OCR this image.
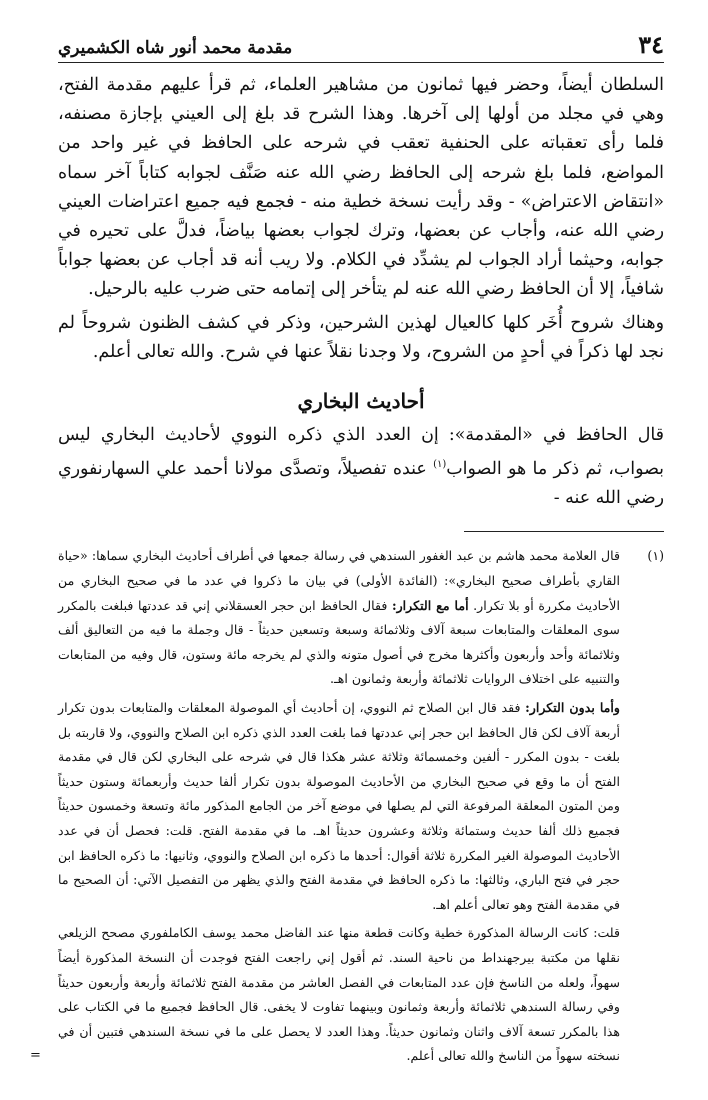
٣٤
مقدمة محمد أنور شاه الكشميري

السلطان أيضاً، وحضر فيها ثمانون من مشاهير العلماء، ثم قرأ عليهم مقدمة الفتح، وهي في مجلد من أولها إلى آخرها. وهذا الشرح قد بلغ إلى العيني بإجازة مصنفه، فلما رأى تعقباته على الحنفية تعقب في شرحه على الحافظ في غير واحد من المواضع، فلما بلغ شرحه إلى الحافظ رضي الله عنه صَنَّف لجوابه كتاباً آخر سماه «انتقاض الاعتراض» - وقد رأيت نسخة خطية منه - فجمع فيه جميع اعتراضات العيني رضي الله عنه، وأجاب عن بعضها، وترك لجواب بعضها بياضاً، فدلَّ على تحيره في جوابه، وحيثما أراد الجواب لم يشدِّد في الكلام. ولا ريب أنه قد أجاب عن بعضها جواباً شافياً، إلا أن الحافظ رضي الله عنه لم يتأخر إلى إتمامه حتى ضرب عليه بالرحيل.

وهناك شروح أُخَر كلها كالعيال لهذين الشرحين، وذكر في كشف الظنون شروحاً لم نجد لها ذكراً في أحدٍ من الشروح، ولا وجدنا نقلاً عنها في شرح. والله تعالى أعلم.

أحاديث البخاري

قال الحافظ في «المقدمة»: إن العدد الذي ذكره النووي لأحاديث البخاري ليس بصواب، ثم ذكر ما هو الصواب$^{(١)}$ عنده تفصيلاً، وتصدَّى مولانا أحمد علي السهارنفوري رضي الله عنه -

(١)

قال العلامة محمد هاشم بن عبد الغفور السندهي في رسالة جمعها في أطراف أحاديث البخاري سماها: «حياة القاري بأطراف صحيح البخاري»: (الفائدة الأولى) في بيان ما ذكروا في عدد ما في صحيح البخاري من الأحاديث مكررة أو بلا تكرار. أما مع التكرار: فقال الحافظ ابن حجر العسقلاني إني قد عددتها فبلغت بالمكرر سوى المعلقات والمتابعات سبعة آلاف وثلاثمائة وسبعة وتسعين حديثاً - قال وجملة ما فيه من التعاليق ألف وثلاثمائة وأحد وأربعون وأكثرها مخرج في أصول متونه والذي لم يخرجه مائة وستون، قال وفيه من المتابعات والتنبيه على اختلاف الروايات ثلاثمائة وأربعة وثمانون اهـ.

وأما بدون التكرار: فقد قال ابن الصلاح ثم النووي، إن أحاديث أي الموصولة المعلقات والمتابعات بدون تكرار أربعة آلاف لكن قال الحافظ ابن حجر إني عددتها فما بلغت العدد الذي ذكره ابن الصلاح والنووي، ولا قاربته بل بلغت - بدون المكرر - ألفين وخمسمائة وثلاثة عشر هكذا قال في شرحه على البخاري لكن قال في مقدمة الفتح أن ما وقع في صحيح البخاري من الأحاديث الموصولة بدون تكرار ألفا حديث وأربعمائة وستون حديثاً ومن المتون المعلقة المرفوعة التي لم يصلها في موضع آخر من الجامع المذكور مائة وتسعة وخمسون حديثاً فجميع ذلك ألفا حديث وستمائة وثلاثة وعشرون حديثاً اهـ. ما في مقدمة الفتح. قلت: فحصل أن في عدد الأحاديث الموصولة الغير المكررة ثلاثة أقوال: أحدها ما ذكره ابن الصلاح والنووي، وثانيها: ما ذكره الحافظ ابن حجر في فتح الباري، وثالثها: ما ذكره الحافظ في مقدمة الفتح والذي يظهر من التفصيل الآتي: أن الصحيح ما في مقدمة الفتح وهو تعالى أعلم اهـ.

قلت: كانت الرسالة المذكورة خطية وكانت قطعة منها عند الفاضل محمد يوسف الكاملفوري مصحح الزيلعي نقلها من مكتبة بيرجهنداط من ناحية السند. ثم أقول إني راجعت الفتح فوجدت أن النسخة المذكورة أيضاً سهواً، ولعله من الناسخ فإن عدد المتابعات في الفصل العاشر من مقدمة الفتح ثلاثمائة وأربعة وأربعون حديثاً وفي رسالة السندهي ثلاثمائة وأربعة وثمانون وبينهما تفاوت لا يخفى. قال الحافظ فجميع ما في الكتاب على هذا بالمكرر تسعة آلاف واثنان وثمانون حديثاً. وهذا العدد لا يحصل على ما في نسخة السندهي فتبين أن في نسخته سهواً من الناسخ والله تعالى أعلم.
=
